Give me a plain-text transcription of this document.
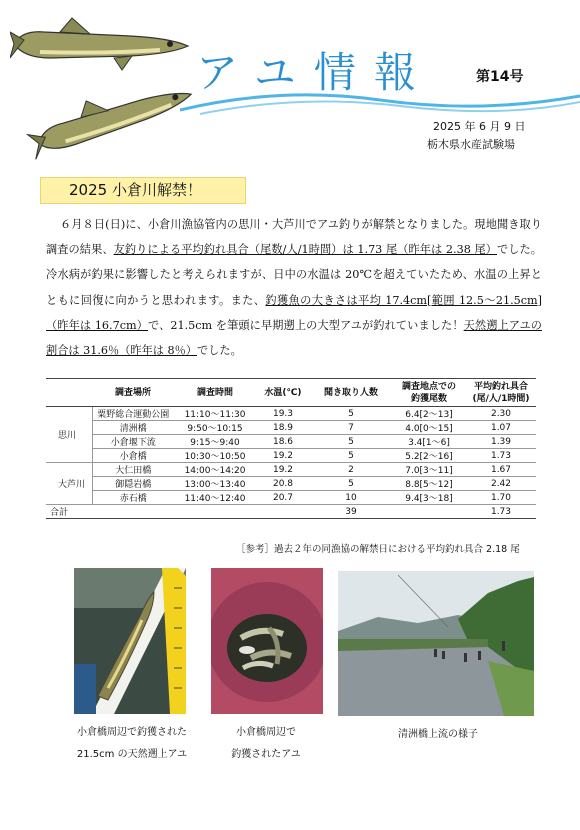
アユ情報	第14号
2025 年 6 月 9 日
栃木県水産試験場
2025 小倉川解禁！

６月８日(日)に、小倉川漁協管内の思川・大芦川でアユ釣りが解禁となりました。現地聞き取り調査の結果、友釣りによる平均釣れ具合（尾数/人/1時間）は 1.73 尾（昨年は 2.38 尾）でした。冷水病が釣果に影響したと考えられますが、日中の水温は 20℃を超えていたため、水温の上昇とともに回復に向かうと思われます。また、釣獲魚の大きさは平均 17.4cm[範囲 12.5～21.5cm]（昨年は 16.7cm）で、21.5cm を筆頭に早期遡上の大型アユが釣れていました！天然遡上アユの割合は 31.6％（昨年は 8％）でした。

	調査場所	調査時間	水温(℃)	聞き取り人数	調査地点での
釣獲尾数	平均釣れ具合
(尾/人/1時間)
思川	粟野総合運動公園	11:10～11:30	19.3	5	6.4[2～13]	2.30
	清洲橋	9:50～10:15	18.9	7	4.0[0～15]	1.07
	小倉堰下流	9:15～9:40	18.6	5	3.4[1～6]	1.39
	小倉橋	10:30～10:50	19.2	5	5.2[2～16]	1.73
大芦川	大仁田橋	14:00～14:20	19.2	2	7.0[3～11]	1.67
	御隠岩橋	13:00～13:40	20.8	5	8.8[5～12]	2.42
	赤石橋	11:40～12:40	20.7	10	9.4[3～18]	1.70
合計				39		1.73
［参考］過去２年の同漁協の解禁日における平均釣れ具合 2.18 尾
小倉橋周辺で釣獲された
21.5cm の天然遡上アユ
小倉橋周辺で
釣獲されたアユ
清洲橋上流の様子
